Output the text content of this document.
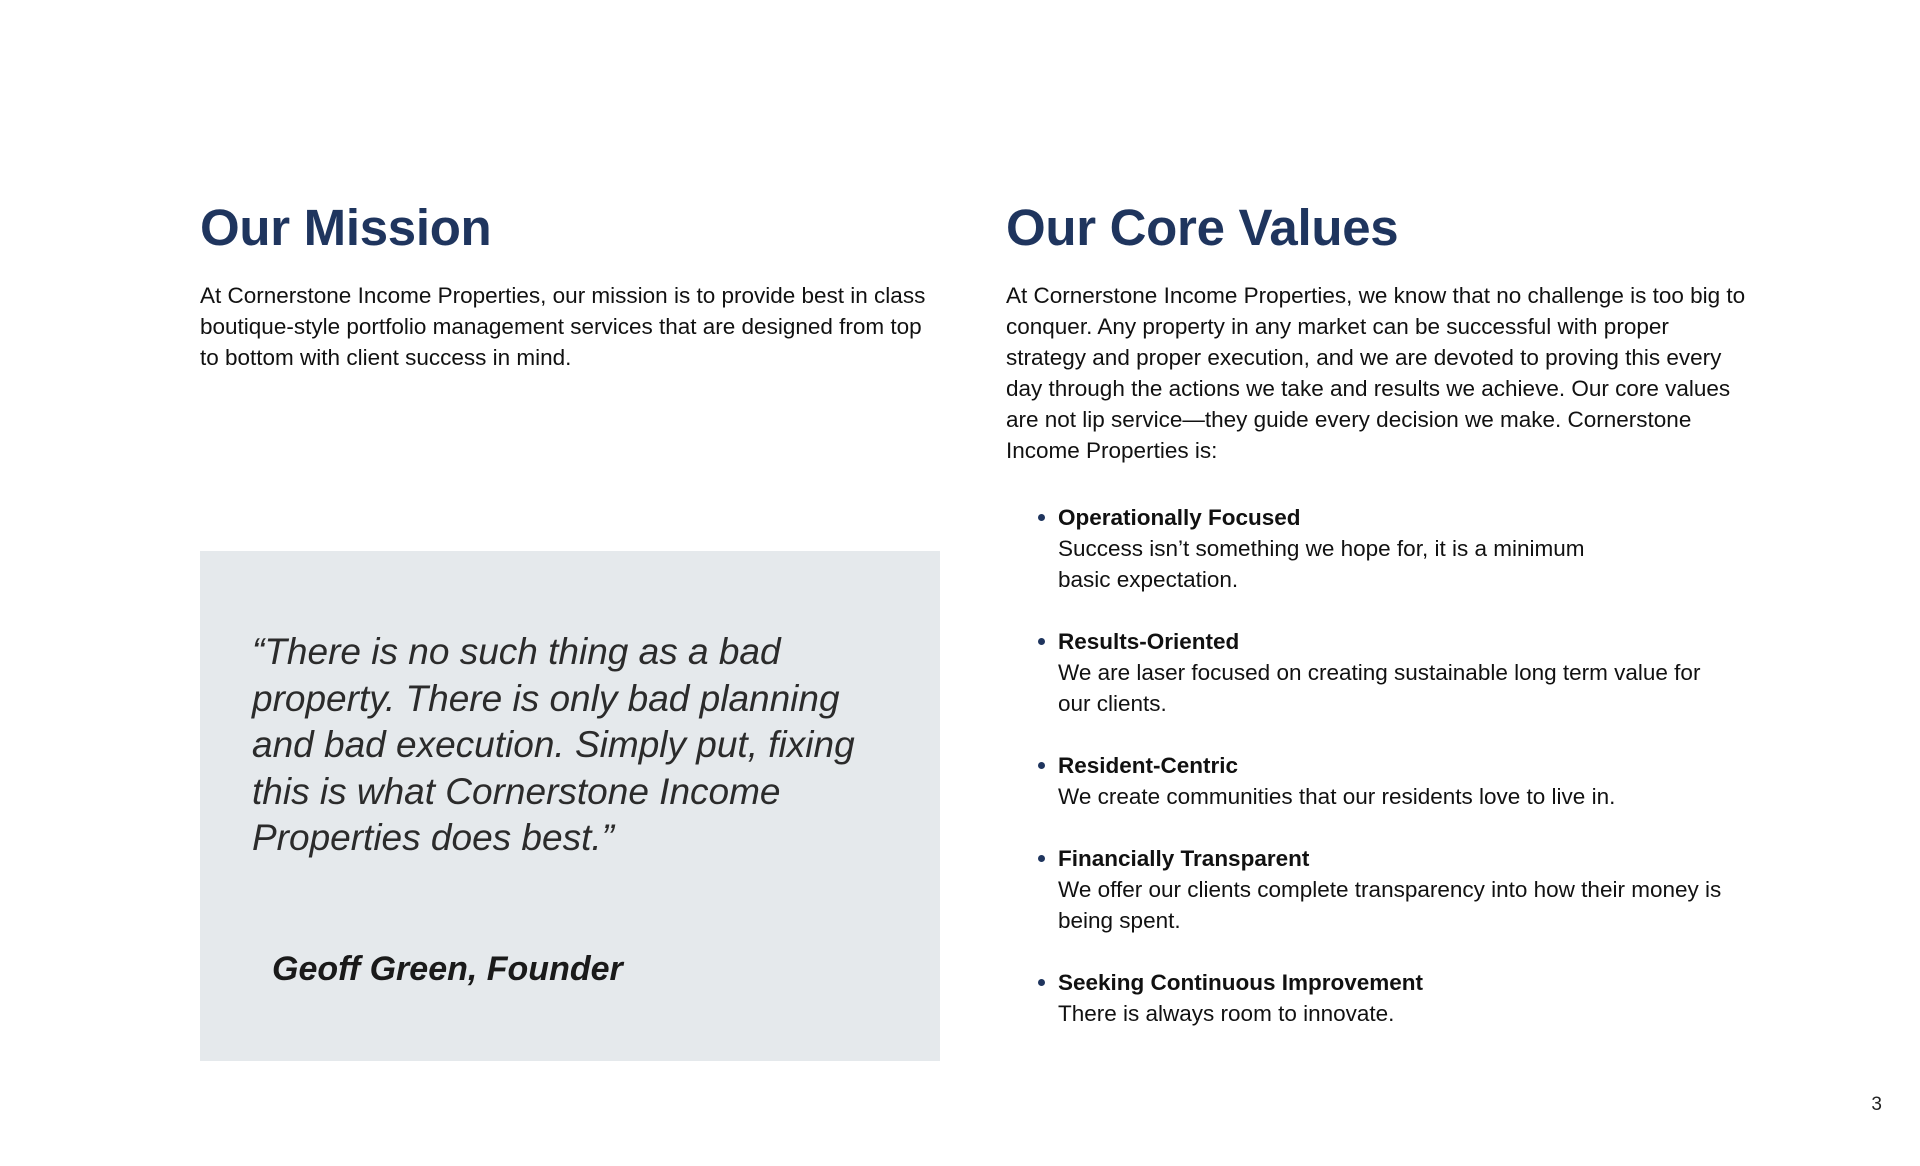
Our Mission

At Cornerstone Income Properties, our mission is to provide best in class boutique-style portfolio management services that are designed from top to bottom with client success in mind.

“There is no such thing as a bad property. There is only bad planning and bad execution. Simply put, fixing this is what Cornerstone Income Properties does best.”

Geoff Green, Founder

Our Core Values

At Cornerstone Income Properties, we know that no challenge is too big to conquer. Any property in any market can be successful with proper strategy and proper execution, and we are devoted to proving this every day through the actions we take and results we achieve. Our core values are not lip service—they guide every decision we make. Cornerstone Income Properties is:

Operationally Focused
Success isn’t something we hope for, it is a minimum basic expectation.
Results-Oriented
We are laser focused on creating sustainable long term value for our clients.
Resident-Centric
We create communities that our residents love to live in.
Financially Transparent
We offer our clients complete transparency into how their money is being spent.
Seeking Continuous Improvement
There is always room to innovate.
3
